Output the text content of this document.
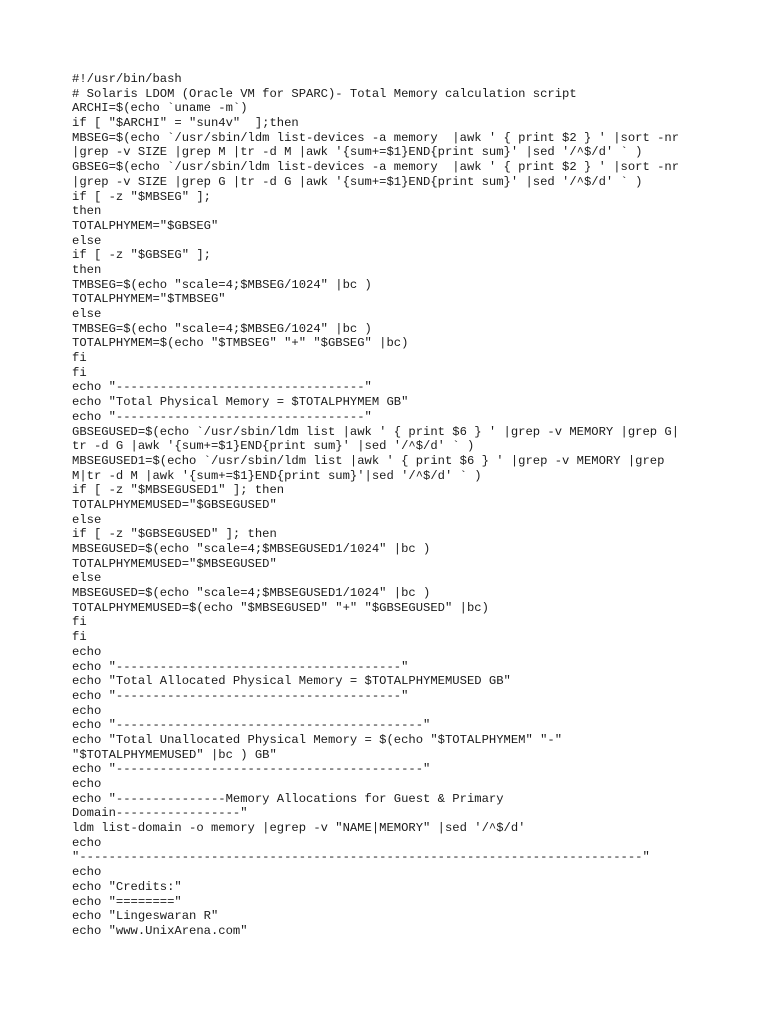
#!/usr/bin/bash
# Solaris LDOM (Oracle VM for SPARC)- Total Memory calculation script
ARCHI=$(echo `uname -m`)
if [ "$ARCHI" = "sun4v"  ];then
MBSEG=$(echo `/usr/sbin/ldm list-devices -a memory  |awk ' { print $2 } ' |sort -nr
|grep -v SIZE |grep M |tr -d M |awk '{sum+=$1}END{print sum}' |sed '/^$/d' ` )
GBSEG=$(echo `/usr/sbin/ldm list-devices -a memory  |awk ' { print $2 } ' |sort -nr
|grep -v SIZE |grep G |tr -d G |awk '{sum+=$1}END{print sum}' |sed '/^$/d' ` )
if [ -z "$MBSEG" ];
then
TOTALPHYMEM="$GBSEG"
else
if [ -z "$GBSEG" ];
then
TMBSEG=$(echo "scale=4;$MBSEG/1024" |bc )
TOTALPHYMEM="$TMBSEG"
else
TMBSEG=$(echo "scale=4;$MBSEG/1024" |bc )
TOTALPHYMEM=$(echo "$TMBSEG" "+" "$GBSEG" |bc)
fi
fi
echo "----------------------------------"
echo "Total Physical Memory = $TOTALPHYMEM GB"
echo "----------------------------------"
GBSEGUSED=$(echo `/usr/sbin/ldm list |awk ' { print $6 } ' |grep -v MEMORY |grep G|
tr -d G |awk '{sum+=$1}END{print sum}' |sed '/^$/d' ` )
MBSEGUSED1=$(echo `/usr/sbin/ldm list |awk ' { print $6 } ' |grep -v MEMORY |grep
M|tr -d M |awk '{sum+=$1}END{print sum}'|sed '/^$/d' ` )
if [ -z "$MBSEGUSED1" ]; then
TOTALPHYMEMUSED="$GBSEGUSED"
else
if [ -z "$GBSEGUSED" ]; then
MBSEGUSED=$(echo "scale=4;$MBSEGUSED1/1024" |bc )
TOTALPHYMEMUSED="$MBSEGUSED"
else
MBSEGUSED=$(echo "scale=4;$MBSEGUSED1/1024" |bc )
TOTALPHYMEMUSED=$(echo "$MBSEGUSED" "+" "$GBSEGUSED" |bc)
fi
fi
echo
echo "---------------------------------------"
echo "Total Allocated Physical Memory = $TOTALPHYMEMUSED GB"
echo "---------------------------------------"
echo
echo "------------------------------------------"
echo "Total Unallocated Physical Memory = $(echo "$TOTALPHYMEM" "-"
"$TOTALPHYMEMUSED" |bc ) GB"
echo "------------------------------------------"
echo
echo "---------------Memory Allocations for Guest & Primary
Domain-----------------"
ldm list-domain -o memory |egrep -v "NAME|MEMORY" |sed '/^$/d'
echo
"-----------------------------------------------------------------------------"
echo
echo "Credits:"
echo "========"
echo "Lingeswaran R"
echo "www.UnixArena.com"
